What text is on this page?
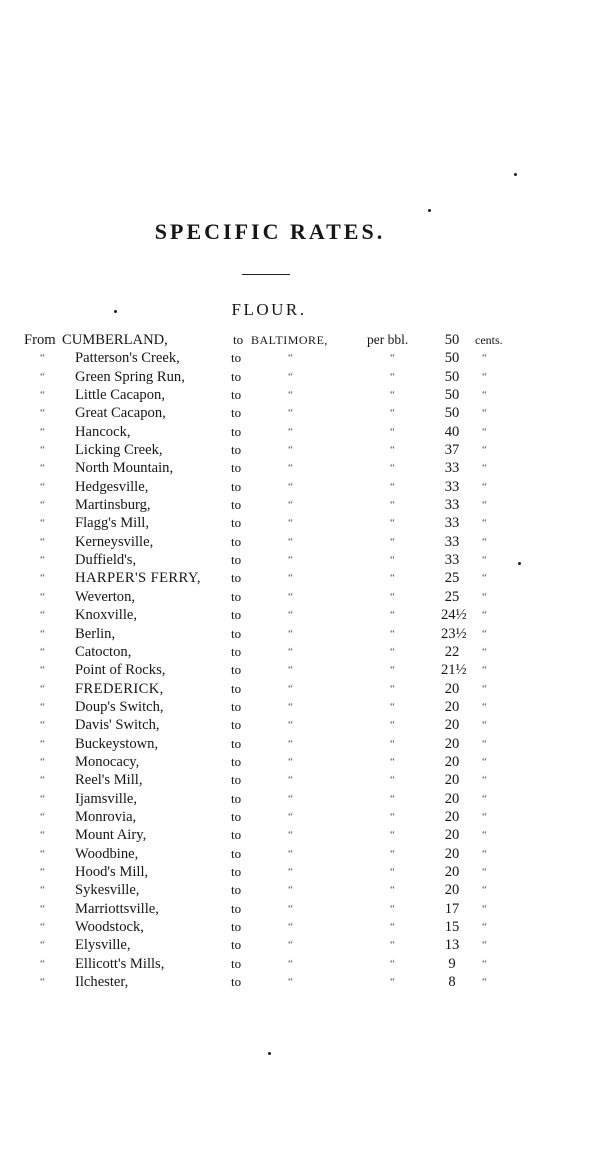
SPECIFIC RATES.
FLOUR.
From CUMBERLAND,	to BALTIMORE,	per bbl. 50	cents.
“ Patterson's Creek,	to	“	“	50	“
“ Green Spring Run,	to	“	“	50	“
“ Little Cacapon,	to	“	“	50	“
“ Great Cacapon,	to	“	“	50	“
“ Hancock,	to	“	“	40	“
“ Licking Creek,	to	“	“	37	“
“ North Mountain,	to	“	“	33	“
“ Hedgesville,	to	“	“	33	“
“ Martinsburg,	to	“	“	33	“
“ Flagg's Mill,	to	“	“	33	“
“ Kerneysville,	to	“	“	33	“
“ Duffield's,	to	“	“	33	“
“ HARPER'S FERRY, to	“	“	25	“
“ Weverton,	to	“	“	25	“
“ Knoxville,	to	“	“	24½ “
“ Berlin,	to	“	“	23½ “
“ Catocton,	to	“	“	22	“
“ Point of Rocks,	to	“	“	21½ “
“ FREDERICK,	to	“	“	20	“
“ Doup's Switch,	to	“	“	20	“
“ Davis' Switch,	to	“	“	20	“
“ Buckeystown,	to	“	“	20	“
“ Monocacy,	to	“	“	20	“
“ Reel's Mill,	to	“	“	20	“
“ Ijamsville,	to	“	“	20	“
“ Monrovia,	to	“	“	20	“
“ Mount Airy,	to	“	“	20	“
“ Woodbine,	to	“	“	20	“
“ Hood's Mill,	to	“	“	20	“
“ Sykesville,	to	“	“	20	“
“ Marriottsville,	to	“	“	17	“
“ Woodstock,	to	“	“	15	“
“ Elysville,	to	“	“	13	“
“ Ellicott's Mills,	to	“	“	9	“
“ Ilchester,	to	“	“	8	“
